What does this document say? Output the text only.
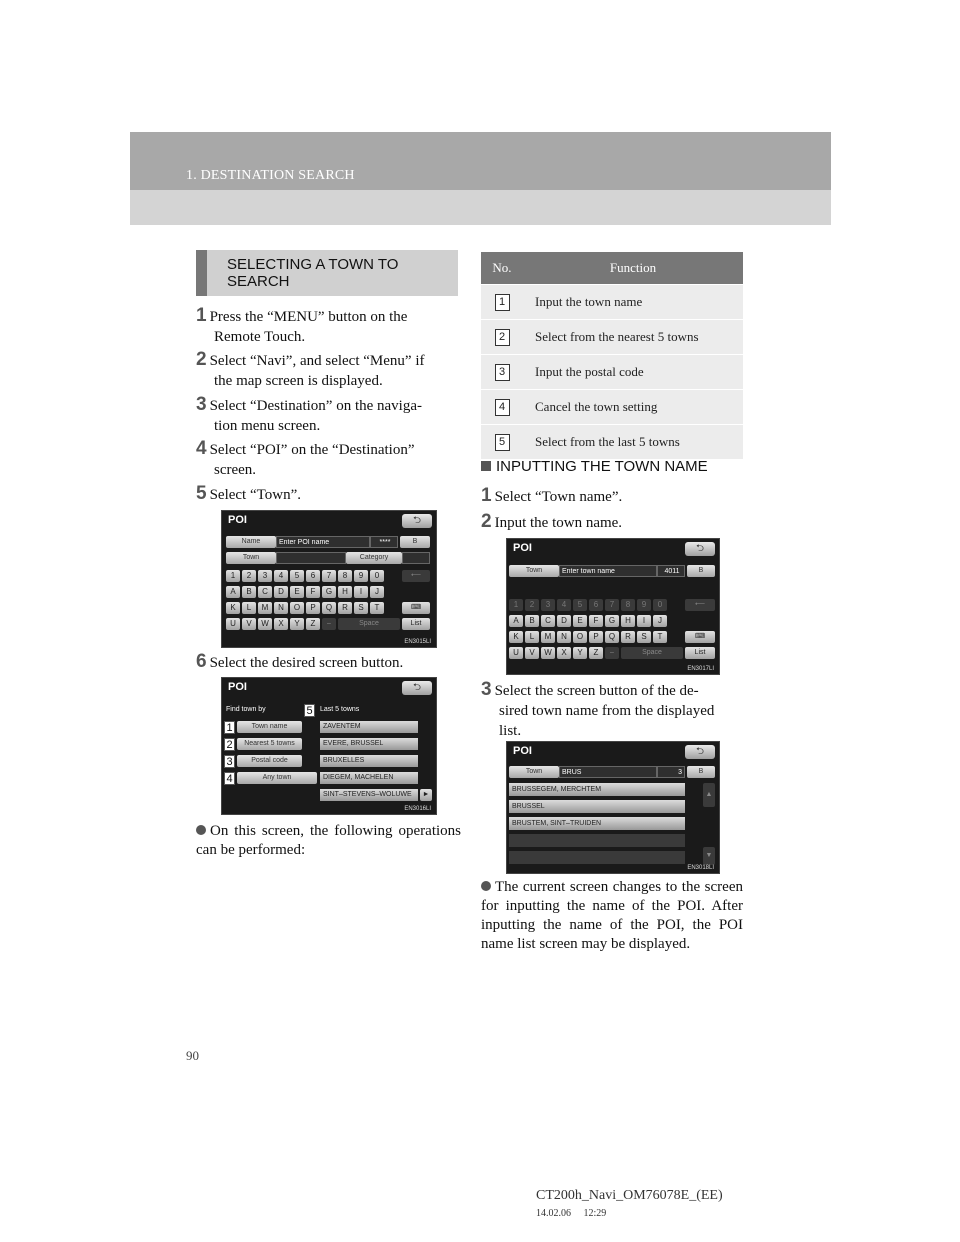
1. DESTINATION SEARCH
SELECTING A TOWN TO SEARCH
1 Press the “MENU” button on the
Remote Touch.
2 Select “Navi”, and select “Menu” if
the map screen is displayed.
3 Select “Destination” on the naviga-
tion menu screen.
4 Select “POI” on the “Destination”
screen.
5 Select “Town”.
POI	⮌
Name	Enter POI name	****	B
Town	Category
1	2	3	4	5	6	7	8	9	0	⟵
A	B	C	D	E	F	G	H	I	J
K	L	M	N	O	P	Q	R	S	T	⌨
U	V	W	X	Y	Z	–	Space	List
EN3015LI
6 Select the desired screen button.
POI	⮌
Find town by	5	Last 5 towns
1	Town name
2	Nearest 5 towns
3	Postal code
4	Any town
ZAVENTEM
EVERE, BRUSSEL
BRUXELLES
DIEGEM, MACHELEN
SINT–STEVENS–WOLUWE	►
EN3016LI
On this screen, the following operations can be performed:
No.	Function
1	Input the town name
2	Select from the nearest 5 towns
3	Input the postal code
4	Cancel the town setting
5	Select from the last 5 towns
INPUTTING THE TOWN NAME
1 Select “Town name”.
2 Input the town name.
POI	⮌
Town	Enter town name	4011	B
1	2	3	4	5	6	7	8	9	0	⟵
A	B	C	D	E	F	G	H	I	J
K	L	M	N	O	P	Q	R	S	T	⌨
U	V	W	X	Y	Z	–	Space	List
EN3017LI
3 Select the screen button of the de-
sired town name from the displayed
list.
POI	⮌
Town	BRUS	3	B
BRUSSEGEM, MERCHTEM
BRUSSEL
BRUSTEM, SINT–TRUIDEN
▲
▼
EN3018LI
The current screen changes to the screen for inputting the name of the POI. After inputting the name of the POI, the POI name list screen may be displayed.
90
CT200h_Navi_OM76078E_(EE)
14.02.06     12:29
